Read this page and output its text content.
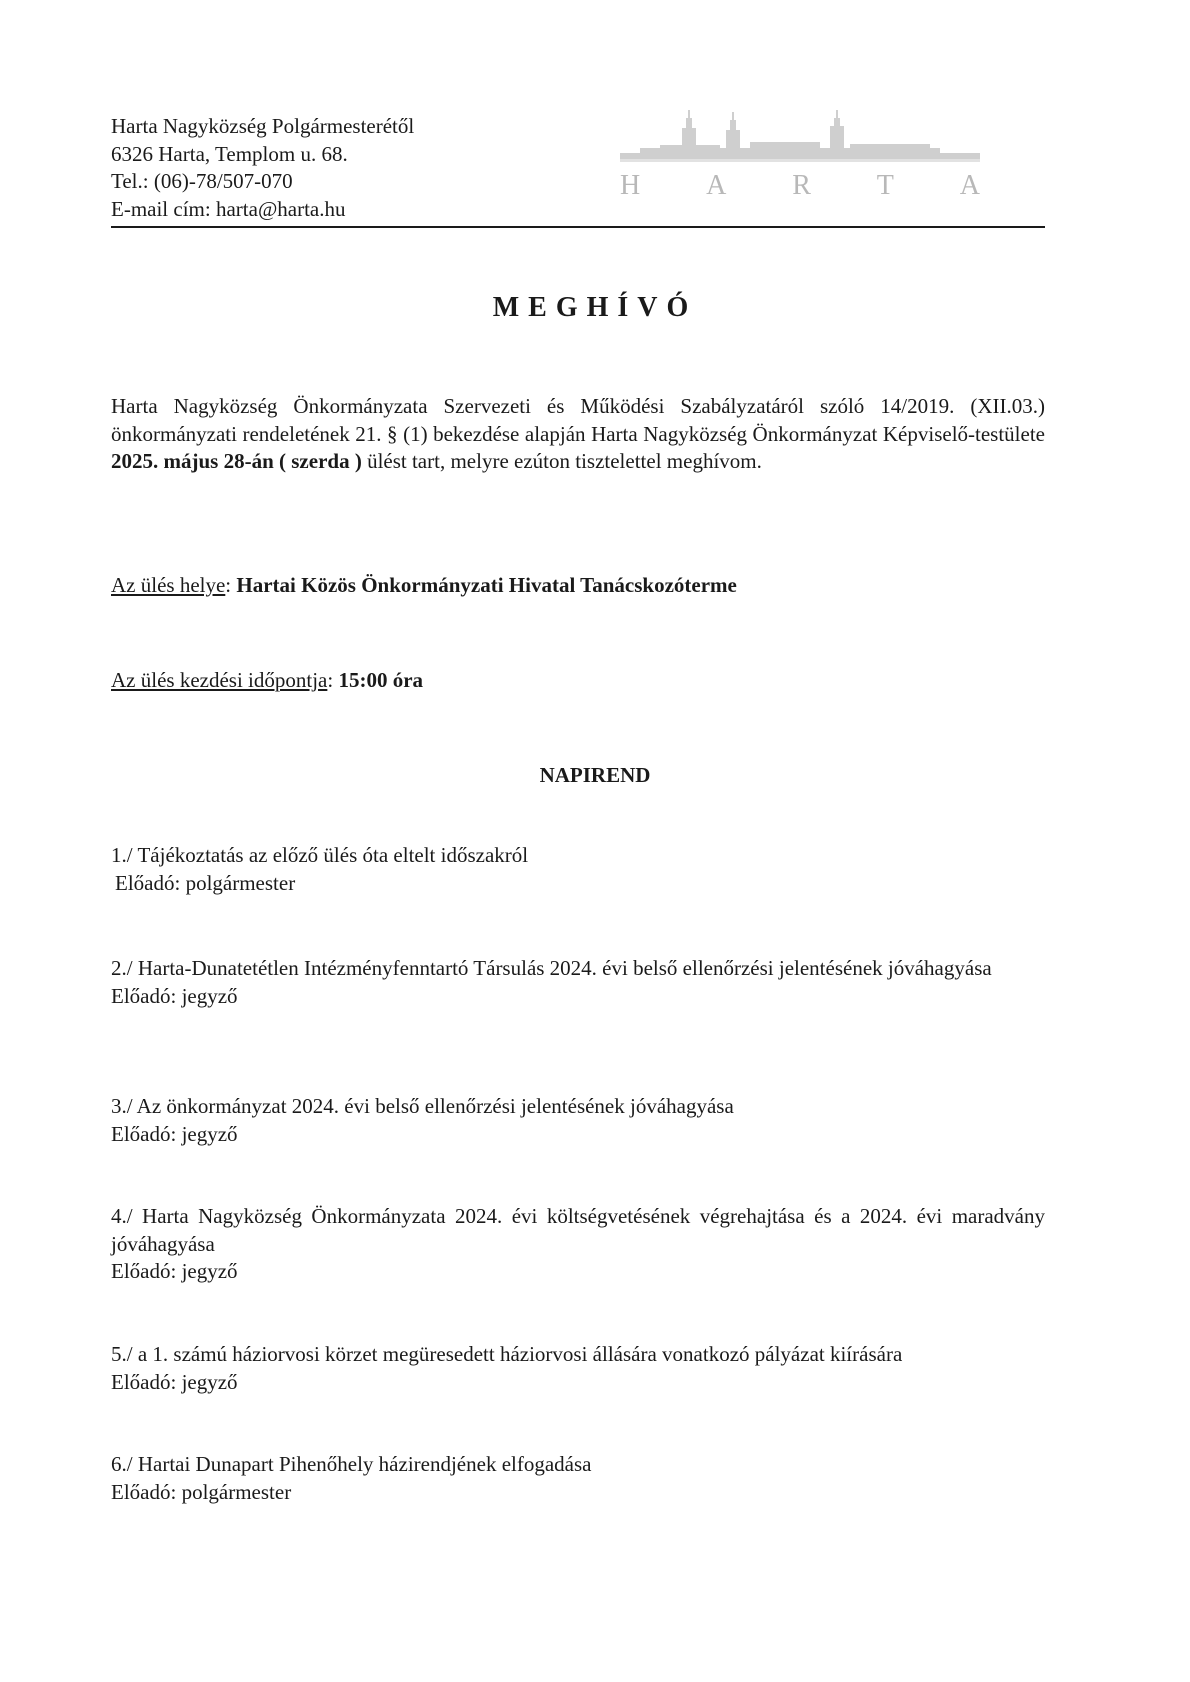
Harta Nagyközség Polgármesterétől
6326 Harta, Templom u. 68.
Tel.: (06)-78/507-070
E-mail cím: harta@harta.hu
H A R T A
MEGHÍVÓ
Harta Nagyközség Önkormányzata Szervezeti és Működési Szabályzatáról szóló 14/2019. (XII.03.) önkormányzati rendeletének 21. § (1) bekezdése alapján Harta Nagyközség Önkormányzat Képviselő-testülete 2025. május 28-án ( szerda ) ülést tart, melyre ezúton tisztelettel meghívom.
Az ülés helye: Hartai Közös Önkormányzati Hivatal Tanácskozóterme
Az ülés kezdési időpontja: 15:00 óra
NAPIREND
1./ Tájékoztatás az előző ülés óta eltelt időszakról
Előadó: polgármester
2./ Harta-Dunatetétlen Intézményfenntartó Társulás 2024. évi belső ellenőrzési jelentésének jóváhagyása
Előadó: jegyző
3./ Az önkormányzat 2024. évi belső ellenőrzési jelentésének jóváhagyása
Előadó: jegyző
4./ Harta Nagyközség Önkormányzata 2024. évi költségvetésének végrehajtása és a 2024. évi maradvány jóváhagyása
Előadó: jegyző
5./ a 1. számú háziorvosi körzet megüresedett háziorvosi állására vonatkozó pályázat kiírására
Előadó: jegyző
6./ Hartai Dunapart Pihenőhely házirendjének elfogadása
Előadó: polgármester
